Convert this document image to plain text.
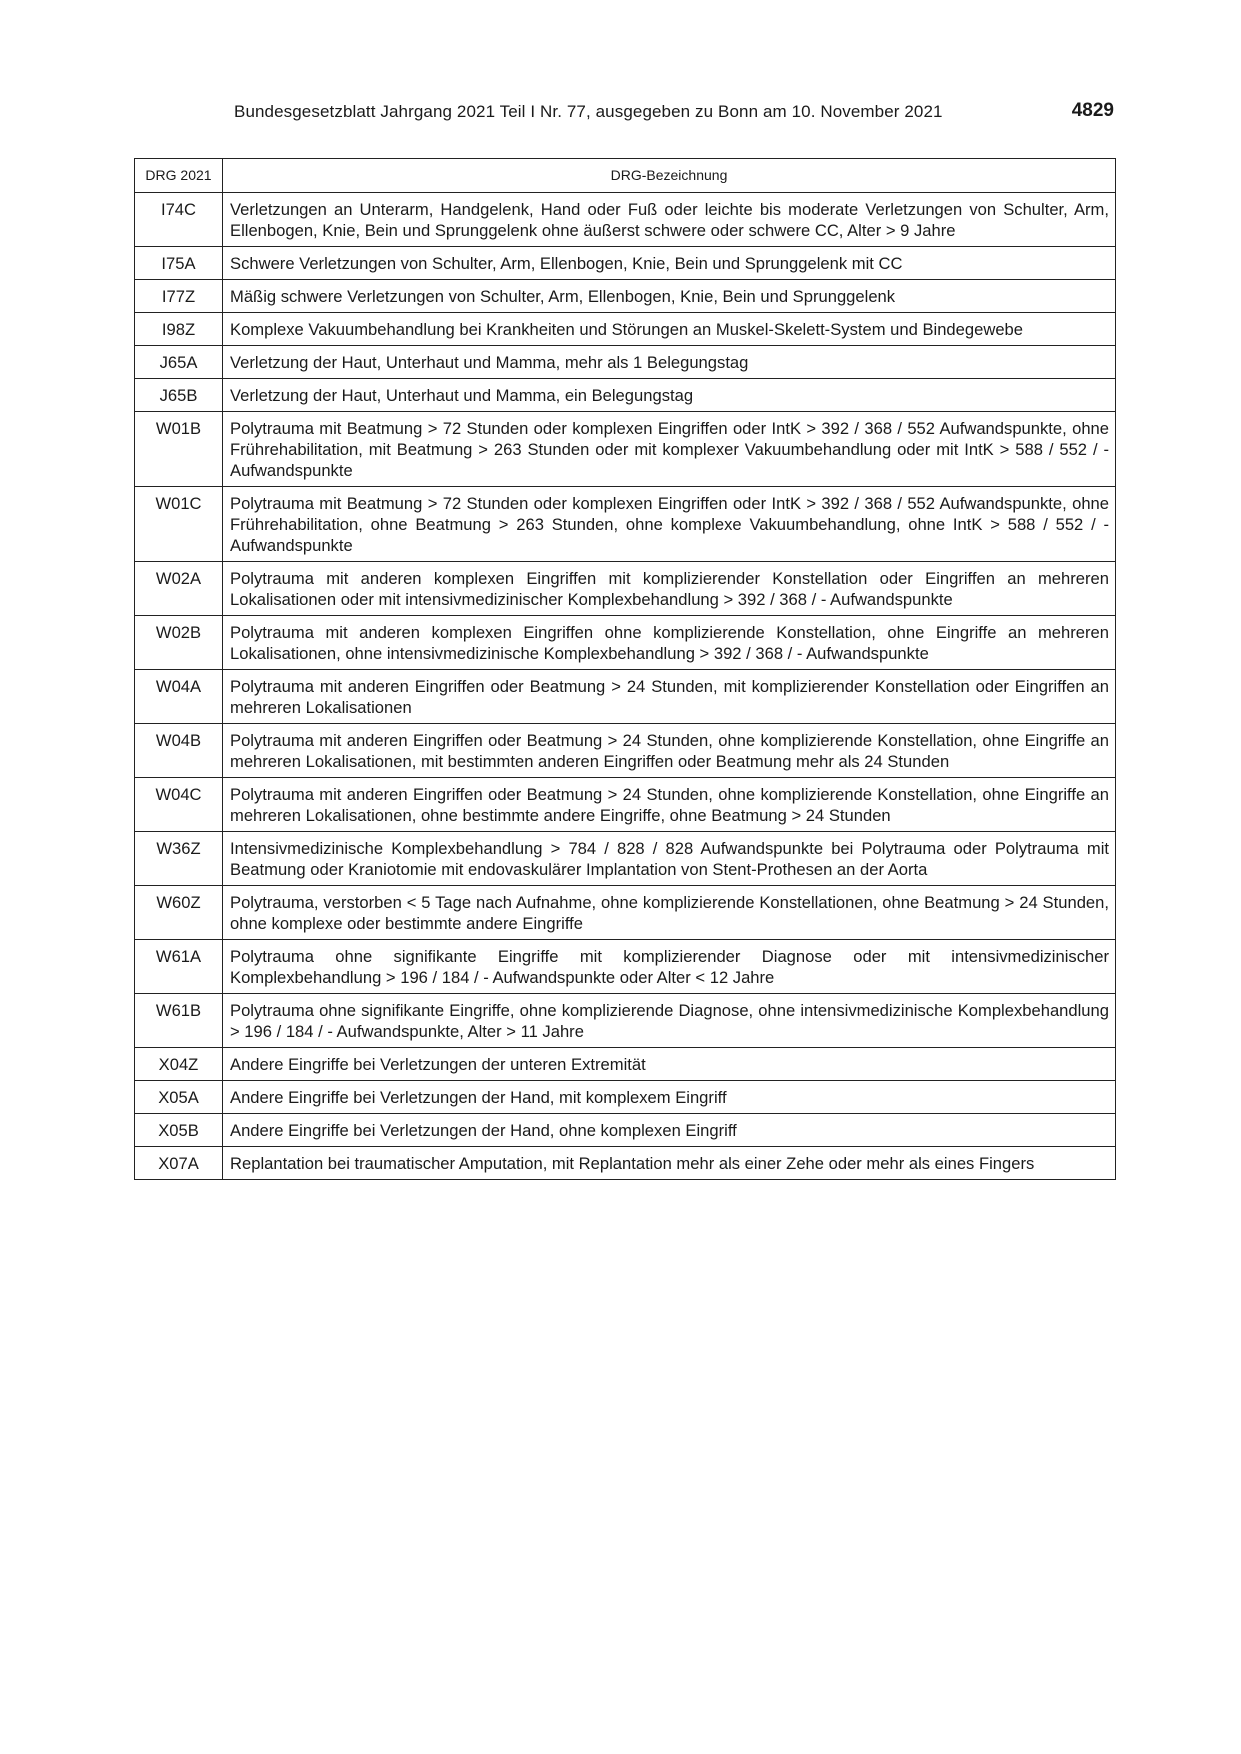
Bundesgesetzblatt Jahrgang 2021 Teil I Nr. 77, ausgegeben zu Bonn am 10. November 2021	4829
DRG 2021	DRG-Bezeichnung
I74C	Verletzungen an Unterarm, Handgelenk, Hand oder Fuß oder leichte bis moderate Verletzungen von Schulter, Arm, Ellenbogen, Knie, Bein und Sprunggelenk ohne äußerst schwere oder schwere CC, Alter > 9 Jahre
I75A	Schwere Verletzungen von Schulter, Arm, Ellenbogen, Knie, Bein und Sprunggelenk mit CC
I77Z	Mäßig schwere Verletzungen von Schulter, Arm, Ellenbogen, Knie, Bein und Sprunggelenk
I98Z	Komplexe Vakuumbehandlung bei Krankheiten und Störungen an Muskel-Skelett-System und Bindegewebe
J65A	Verletzung der Haut, Unterhaut und Mamma, mehr als 1 Belegungstag
J65B	Verletzung der Haut, Unterhaut und Mamma, ein Belegungstag
W01B	Polytrauma mit Beatmung > 72 Stunden oder komplexen Eingriffen oder IntK > 392 / 368 / 552 Aufwandspunkte, ohne Frührehabilitation, mit Beatmung > 263 Stunden oder mit komplexer Vakuumbehandlung oder mit IntK > 588 / 552 / - Aufwandspunkte
W01C	Polytrauma mit Beatmung > 72 Stunden oder komplexen Eingriffen oder IntK > 392 / 368 / 552 Aufwandspunkte, ohne Frührehabilitation, ohne Beatmung > 263 Stunden, ohne komplexe Vakuumbehandlung, ohne IntK > 588 / 552 / - Aufwandspunkte
W02A	Polytrauma mit anderen komplexen Eingriffen mit komplizierender Konstellation oder Eingriffen an mehreren Lokalisationen oder mit intensivmedizinischer Komplexbehandlung > 392 / 368 / - Aufwandspunkte
W02B	Polytrauma mit anderen komplexen Eingriffen ohne komplizierende Konstellation, ohne Eingriffe an mehreren Lokalisationen, ohne intensivmedizinische Komplexbehandlung > 392 / 368 / - Aufwandspunkte
W04A	Polytrauma mit anderen Eingriffen oder Beatmung > 24 Stunden, mit komplizierender Konstellation oder Eingriffen an mehreren Lokalisationen
W04B	Polytrauma mit anderen Eingriffen oder Beatmung > 24 Stunden, ohne komplizierende Konstellation, ohne Eingriffe an mehreren Lokalisationen, mit bestimmten anderen Eingriffen oder Beatmung mehr als 24 Stunden
W04C	Polytrauma mit anderen Eingriffen oder Beatmung > 24 Stunden, ohne komplizierende Konstellation, ohne Eingriffe an mehreren Lokalisationen, ohne bestimmte andere Eingriffe, ohne Beatmung > 24 Stunden
W36Z	Intensivmedizinische Komplexbehandlung > 784 / 828 / 828 Aufwandspunkte bei Polytrauma oder Polytrauma mit Beatmung oder Kraniotomie mit endovaskulärer Implantation von Stent-Prothesen an der Aorta
W60Z	Polytrauma, verstorben < 5 Tage nach Aufnahme, ohne komplizierende Konstellationen, ohne Beatmung > 24 Stunden, ohne komplexe oder bestimmte andere Eingriffe
W61A	Polytrauma ohne signifikante Eingriffe mit komplizierender Diagnose oder mit intensivmedizinischer Komplexbehandlung > 196 / 184 / - Aufwandspunkte oder Alter < 12 Jahre
W61B	Polytrauma ohne signifikante Eingriffe, ohne komplizierende Diagnose, ohne intensivmedizinische Komplexbehandlung > 196 / 184 / - Aufwandspunkte, Alter > 11 Jahre
X04Z	Andere Eingriffe bei Verletzungen der unteren Extremität
X05A	Andere Eingriffe bei Verletzungen der Hand, mit komplexem Eingriff
X05B	Andere Eingriffe bei Verletzungen der Hand, ohne komplexen Eingriff
X07A	Replantation bei traumatischer Amputation, mit Replantation mehr als einer Zehe oder mehr als eines Fingers
